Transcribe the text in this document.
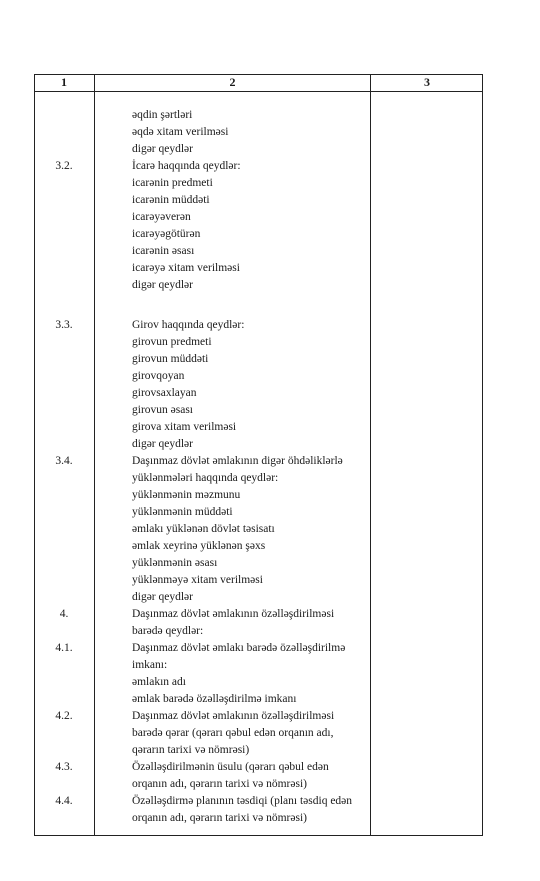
1	2	3
əqdin şərtləri
əqdə xitam verilməsi
digər qeydlər
3.2.	İcarə haqqında qeydlər:
icarənin predmeti
icarənin müddəti
icarəyəverən
icarəyəgötürən
icarənin əsası
icarəyə xitam verilməsi
digər qeydlər
3.3.	Girov haqqında qeydlər:
girovun predmeti
girovun müddəti
girovqoyan
girovsaxlayan
girovun əsası
girova xitam verilməsi
digər qeydlər
3.4.	Daşınmaz dövlət əmlakının digər öhdəliklərlə
yüklənmələri haqqında qeydlər:
yüklənmənin məzmunu
yüklənmənin müddəti
əmlakı yüklənən dövlət təsisatı
əmlak xeyrinə yüklənən şəxs
yüklənmənin əsası
yüklənməyə xitam verilməsi
digər qeydlər
4.	Daşınmaz dövlət əmlakının özəlləşdirilməsi
barədə qeydlər:
4.1.	Daşınmaz dövlət əmlakı barədə özəlləşdirilmə
imkanı:
əmlakın adı
əmlak barədə özəlləşdirilmə imkanı
4.2.	Daşınmaz dövlət əmlakının özəlləşdirilməsi
barədə qərar (qərarı qəbul edən orqanın adı,
qərarın tarixi və nömrəsi)
4.3.	Özəlləşdirilmənin üsulu (qərarı qəbul edən
orqanın adı, qərarın tarixi və nömrəsi)
4.4.	Özəlləşdirmə planının təsdiqi (planı təsdiq edən
orqanın adı, qərarın tarixi və nömrəsi)
